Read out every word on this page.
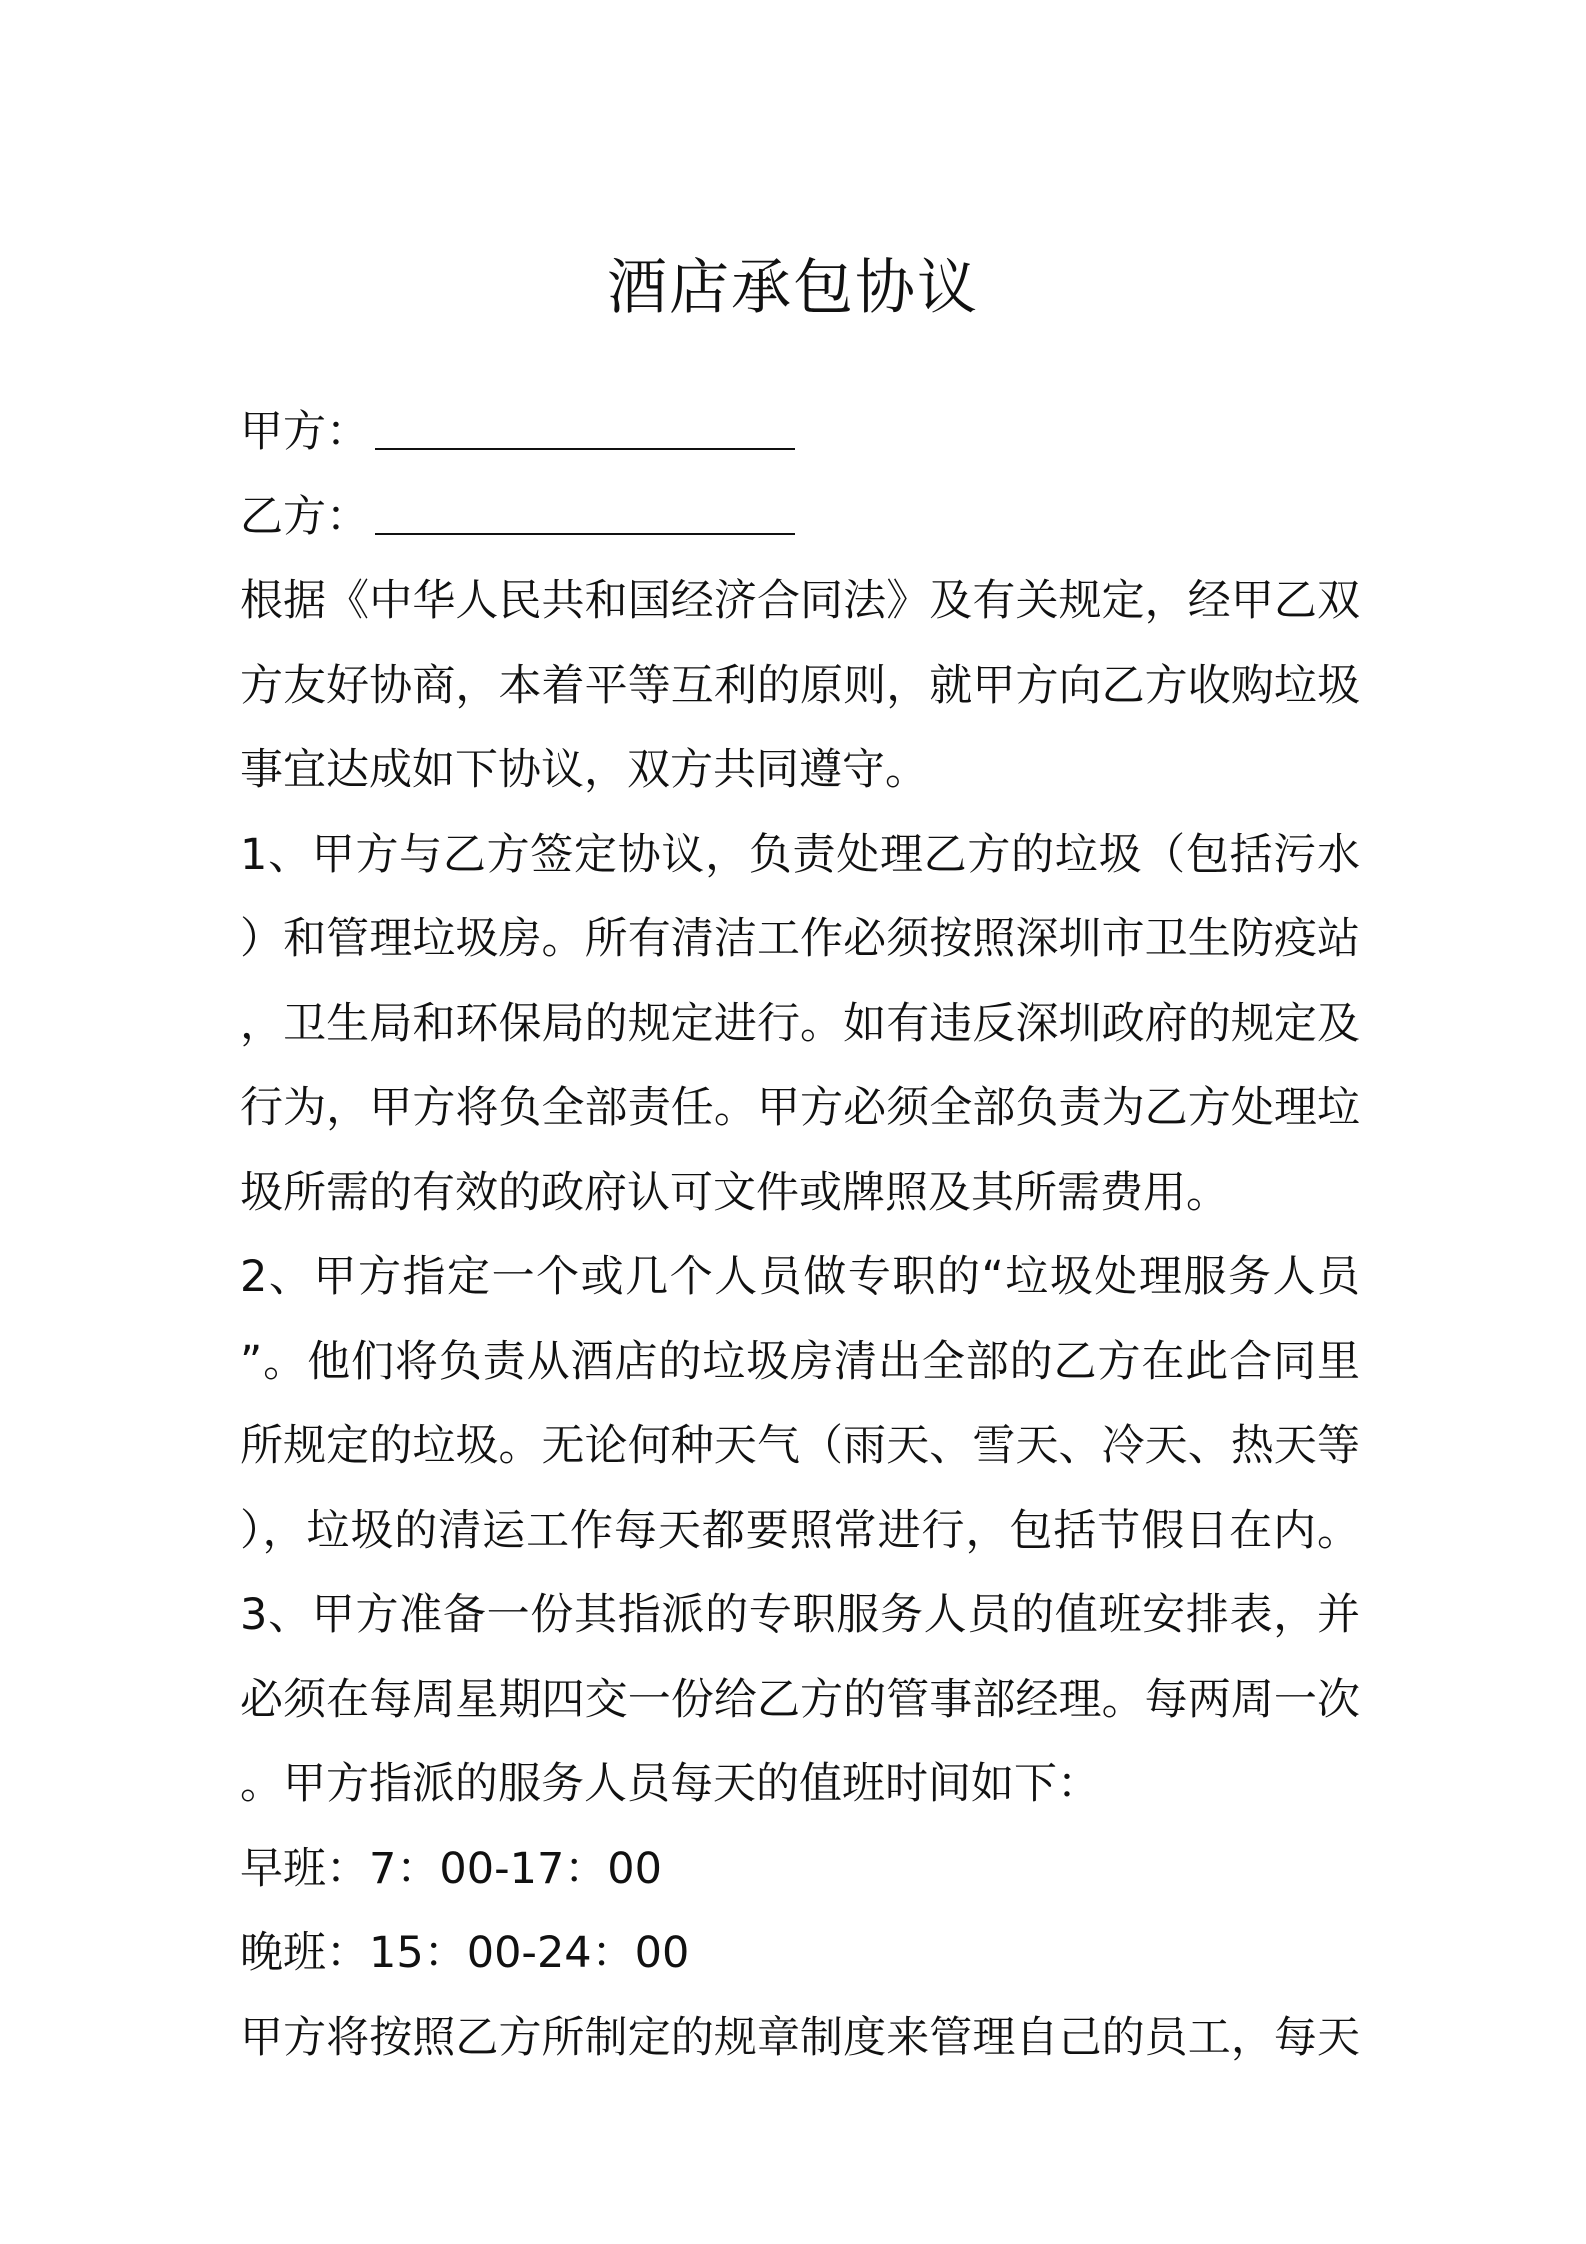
酒店承包协议
甲方：
乙方：
根据《中华人民共和国经济合同法》及有关规定，经甲乙双
方友好协商，本着平等互利的原则，就甲方向乙方收购垃圾
事宜达成如下协议，双方共同遵守。
1、甲方与乙方签定协议，负责处理乙方的垃圾（包括污水
）和管理垃圾房。所有清洁工作必须按照深圳市卫生防疫站
，卫生局和环保局的规定进行。如有违反深圳政府的规定及
行为，甲方将负全部责任。甲方必须全部负责为乙方处理垃
圾所需的有效的政府认可文件或牌照及其所需费用。
2、甲方指定一个或几个人员做专职的“垃圾处理服务人员
”。他们将负责从酒店的垃圾房清出全部的乙方在此合同里
所规定的垃圾。无论何种天气（雨天、雪天、冷天、热天等
），垃圾的清运工作每天都要照常进行，包括节假日在内。
3、甲方准备一份其指派的专职服务人员的值班安排表，并
必须在每周星期四交一份给乙方的管事部经理。每两周一次
。甲方指派的服务人员每天的值班时间如下：
早班：7：00-17：00
晚班：15：00-24：00
甲方将按照乙方所制定的规章制度来管理自己的员工，每天
